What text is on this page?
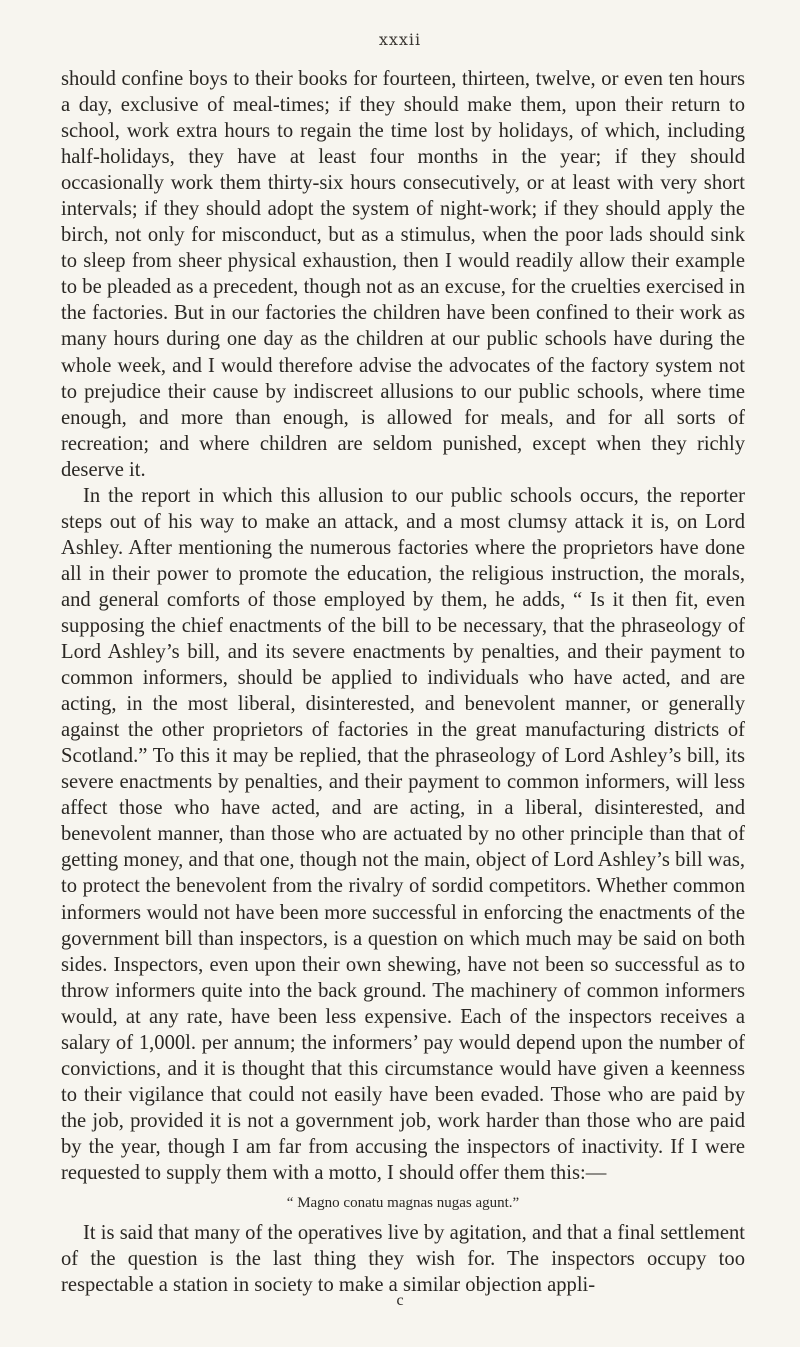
xxxii

should confine boys to their books for fourteen, thirteen, twelve, or even ten hours a day, exclusive of meal-times; if they should make them, upon their return to school, work extra hours to regain the time lost by holidays, of which, including half-holidays, they have at least four months in the year; if they should occasionally work them thirty-six hours consecutively, or at least with very short intervals; if they should adopt the system of night-work; if they should apply the birch, not only for misconduct, but as a stimulus, when the poor lads should sink to sleep from sheer physical exhaustion, then I would readily allow their example to be pleaded as a precedent, though not as an excuse, for the cruelties exercised in the factories. But in our factories the children have been confined to their work as many hours during one day as the children at our public schools have during the whole week, and I would therefore advise the advocates of the factory system not to prejudice their cause by indiscreet allusions to our public schools, where time enough, and more than enough, is allowed for meals, and for all sorts of recreation; and where children are seldom punished, except when they richly deserve it.

In the report in which this allusion to our public schools occurs, the reporter steps out of his way to make an attack, and a most clumsy attack it is, on Lord Ashley. After mentioning the numerous factories where the proprietors have done all in their power to promote the education, the religious instruction, the morals, and general comforts of those employed by them, he adds, “ Is it then fit, even supposing the chief enactments of the bill to be necessary, that the phraseology of Lord Ashley’s bill, and its severe enactments by penalties, and their payment to common informers, should be applied to individuals who have acted, and are acting, in the most liberal, disinterested, and benevolent manner, or generally against the other proprietors of factories in the great manufacturing districts of Scotland.” To this it may be replied, that the phraseology of Lord Ashley’s bill, its severe enactments by penalties, and their payment to common informers, will less affect those who have acted, and are acting, in a liberal, disinterested, and benevolent manner, than those who are actuated by no other principle than that of getting money, and that one, though not the main, object of Lord Ashley’s bill was, to protect the benevolent from the rivalry of sordid competitors. Whether common informers would not have been more successful in enforcing the enactments of the government bill than inspectors, is a question on which much may be said on both sides. Inspectors, even upon their own shewing, have not been so successful as to throw informers quite into the back ground. The machinery of common informers would, at any rate, have been less expensive. Each of the inspectors receives a salary of 1,000l. per annum; the informers’ pay would depend upon the number of convictions, and it is thought that this circumstance would have given a keenness to their vigilance that could not easily have been evaded. Those who are paid by the job, provided it is not a government job, work harder than those who are paid by the year, though I am far from accusing the inspectors of inactivity. If I were requested to supply them with a motto, I should offer them this:—

“ Magno conatu magnas nugas agunt.”

It is said that many of the operatives live by agitation, and that a final settlement of the question is the last thing they wish for. The inspectors occupy too respectable a station in society to make a similar objection appli-

c
